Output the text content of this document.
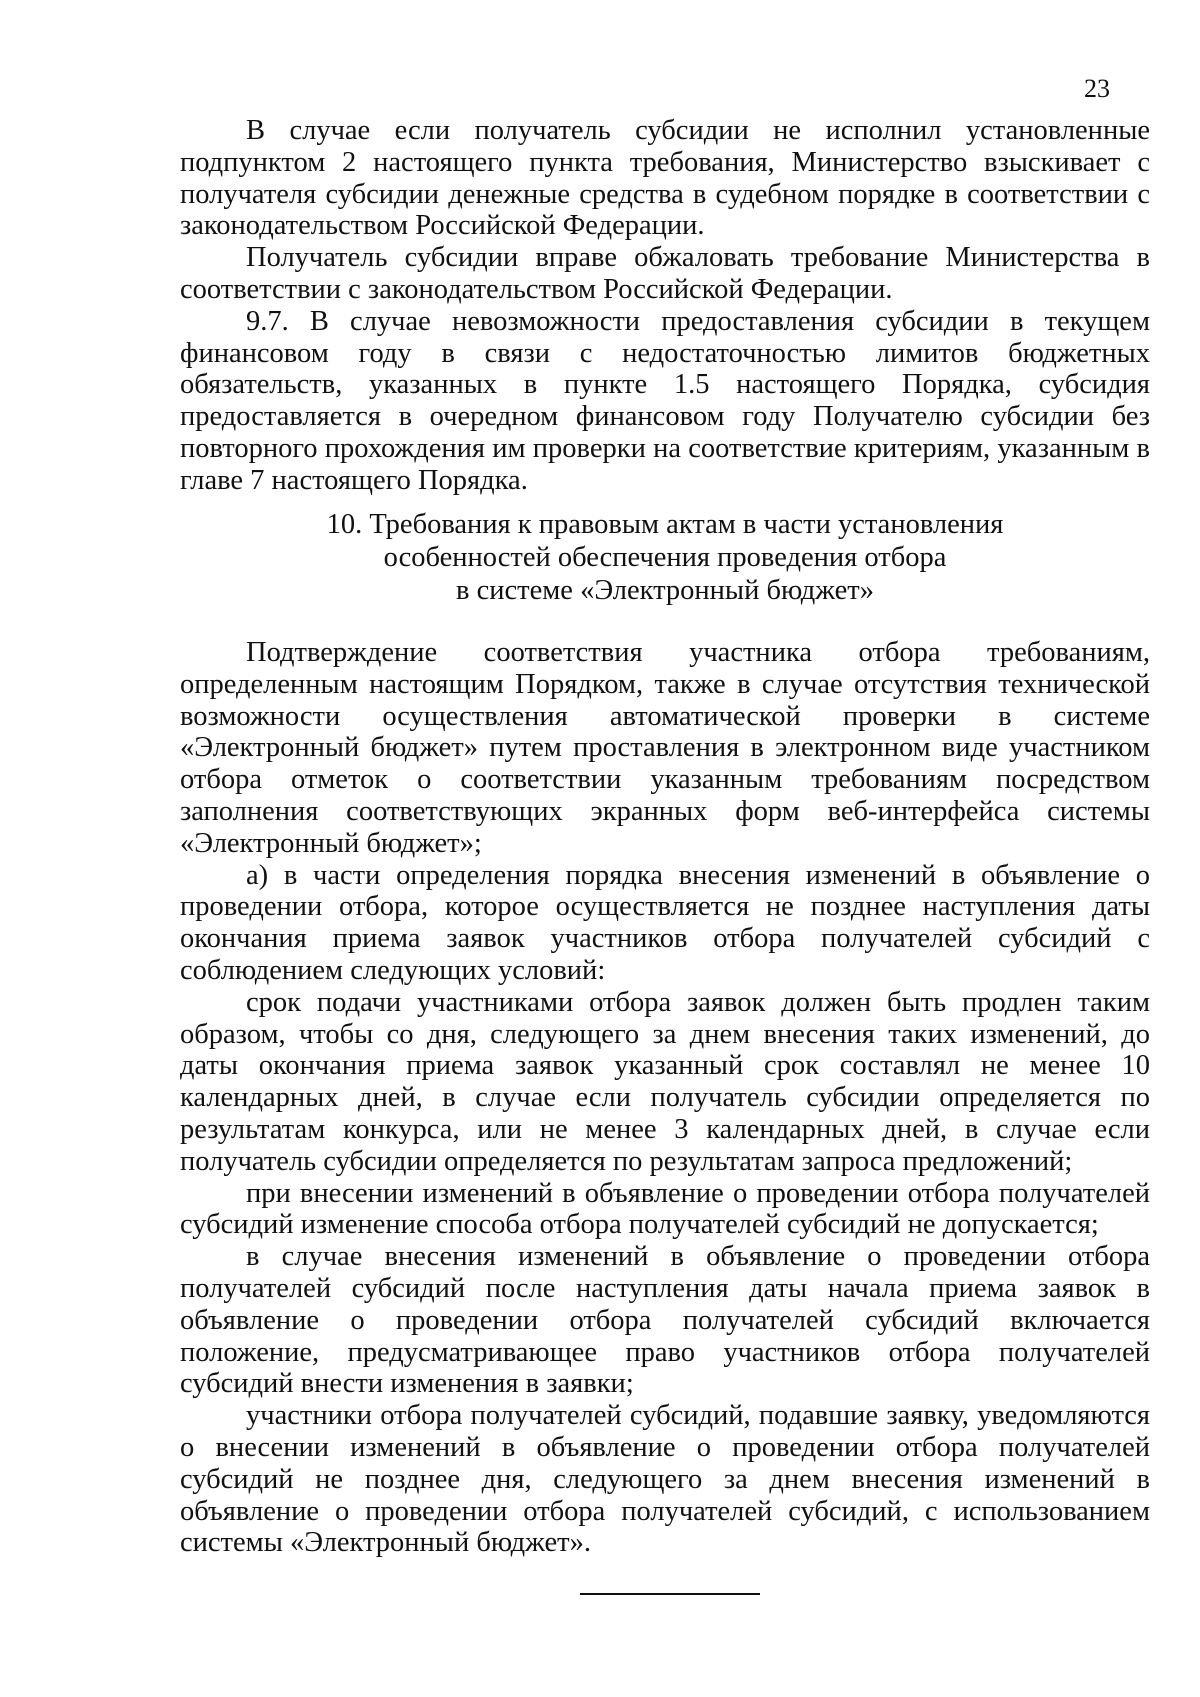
23

В случае если получатель субсидии не исполнил установленные подпунктом 2 настоящего пункта требования, Министерство взыскивает с получателя субсидии денежные средства в судебном порядке в соответствии с законодательством Российской Федерации.

Получатель субсидии вправе обжаловать требование Министерства в соответствии с законодательством Российской Федерации.

9.7. В случае невозможности предоставления субсидии в текущем финансовом году в связи с недостаточностью лимитов бюджетных обязательств, указанных в пункте 1.5 настоящего Порядка, субсидия предоставляется в очередном финансовом году Получателю субсидии без повторного прохождения им проверки на соответствие критериям, указанным в главе 7 настоящего Порядка.

10. Требования к правовым актам в части установления
особенностей обеспечения проведения отбора
в системе «Электронный бюджет»

Подтверждение соответствия участника отбора требованиям, определенным настоящим Порядком, также в случае отсутствия технической возможности осуществления автоматической проверки в системе «Электронный бюджет» путем проставления в электронном виде участником отбора отметок о соответствии указанным требованиям посредством заполнения соответствующих экранных форм веб-интерфейса системы «Электронный бюджет»;

а) в части определения порядка внесения изменений в объявление о проведении отбора, которое осуществляется не позднее наступления даты окончания приема заявок участников отбора получателей субсидий с соблюдением следующих условий:

срок подачи участниками отбора заявок должен быть продлен таким образом, чтобы со дня, следующего за днем внесения таких изменений, до даты окончания приема заявок указанный срок составлял не менее 10 календарных дней, в случае если получатель субсидии определяется по результатам конкурса, или не менее 3 календарных дней, в случае если получатель субсидии определяется по результатам запроса предложений;

при внесении изменений в объявление о проведении отбора получателей субсидий изменение способа отбора получателей субсидий не допускается;

в случае внесения изменений в объявление о проведении отбора получателей субсидий после наступления даты начала приема заявок в объявление о проведении отбора получателей субсидий включается положение, предусматривающее право участников отбора получателей субсидий внести изменения в заявки;

участники отбора получателей субсидий, подавшие заявку, уведомляются о внесении изменений в объявление о проведении отбора получателей субсидий не позднее дня, следующего за днем внесения изменений в объявление о проведении отбора получателей субсидий, с использованием системы «Электронный бюджет».
